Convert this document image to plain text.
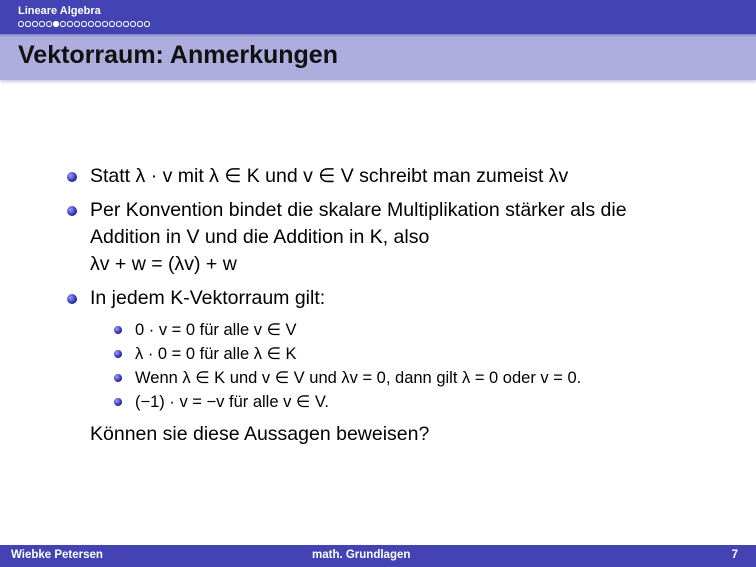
Lineare Algebra
Vektorraum: Anmerkungen
Statt λ · v mit λ ∈ K und v ∈ V schreibt man zumeist λv
Per Konvention bindet die skalare Multiplikation stärker als die
Addition in V und die Addition in K, also
λv + w = (λv) + w
In jedem K-Vektorraum gilt:
0 · v = 0 für alle v ∈ V
λ · 0 = 0 für alle λ ∈ K
Wenn λ ∈ K und v ∈ V und λv = 0, dann gilt λ = 0 oder v = 0.
(−1) · v = −v für alle v ∈ V.
Können sie diese Aussagen beweisen?
Wiebke Petersen	math. Grundlagen	7
